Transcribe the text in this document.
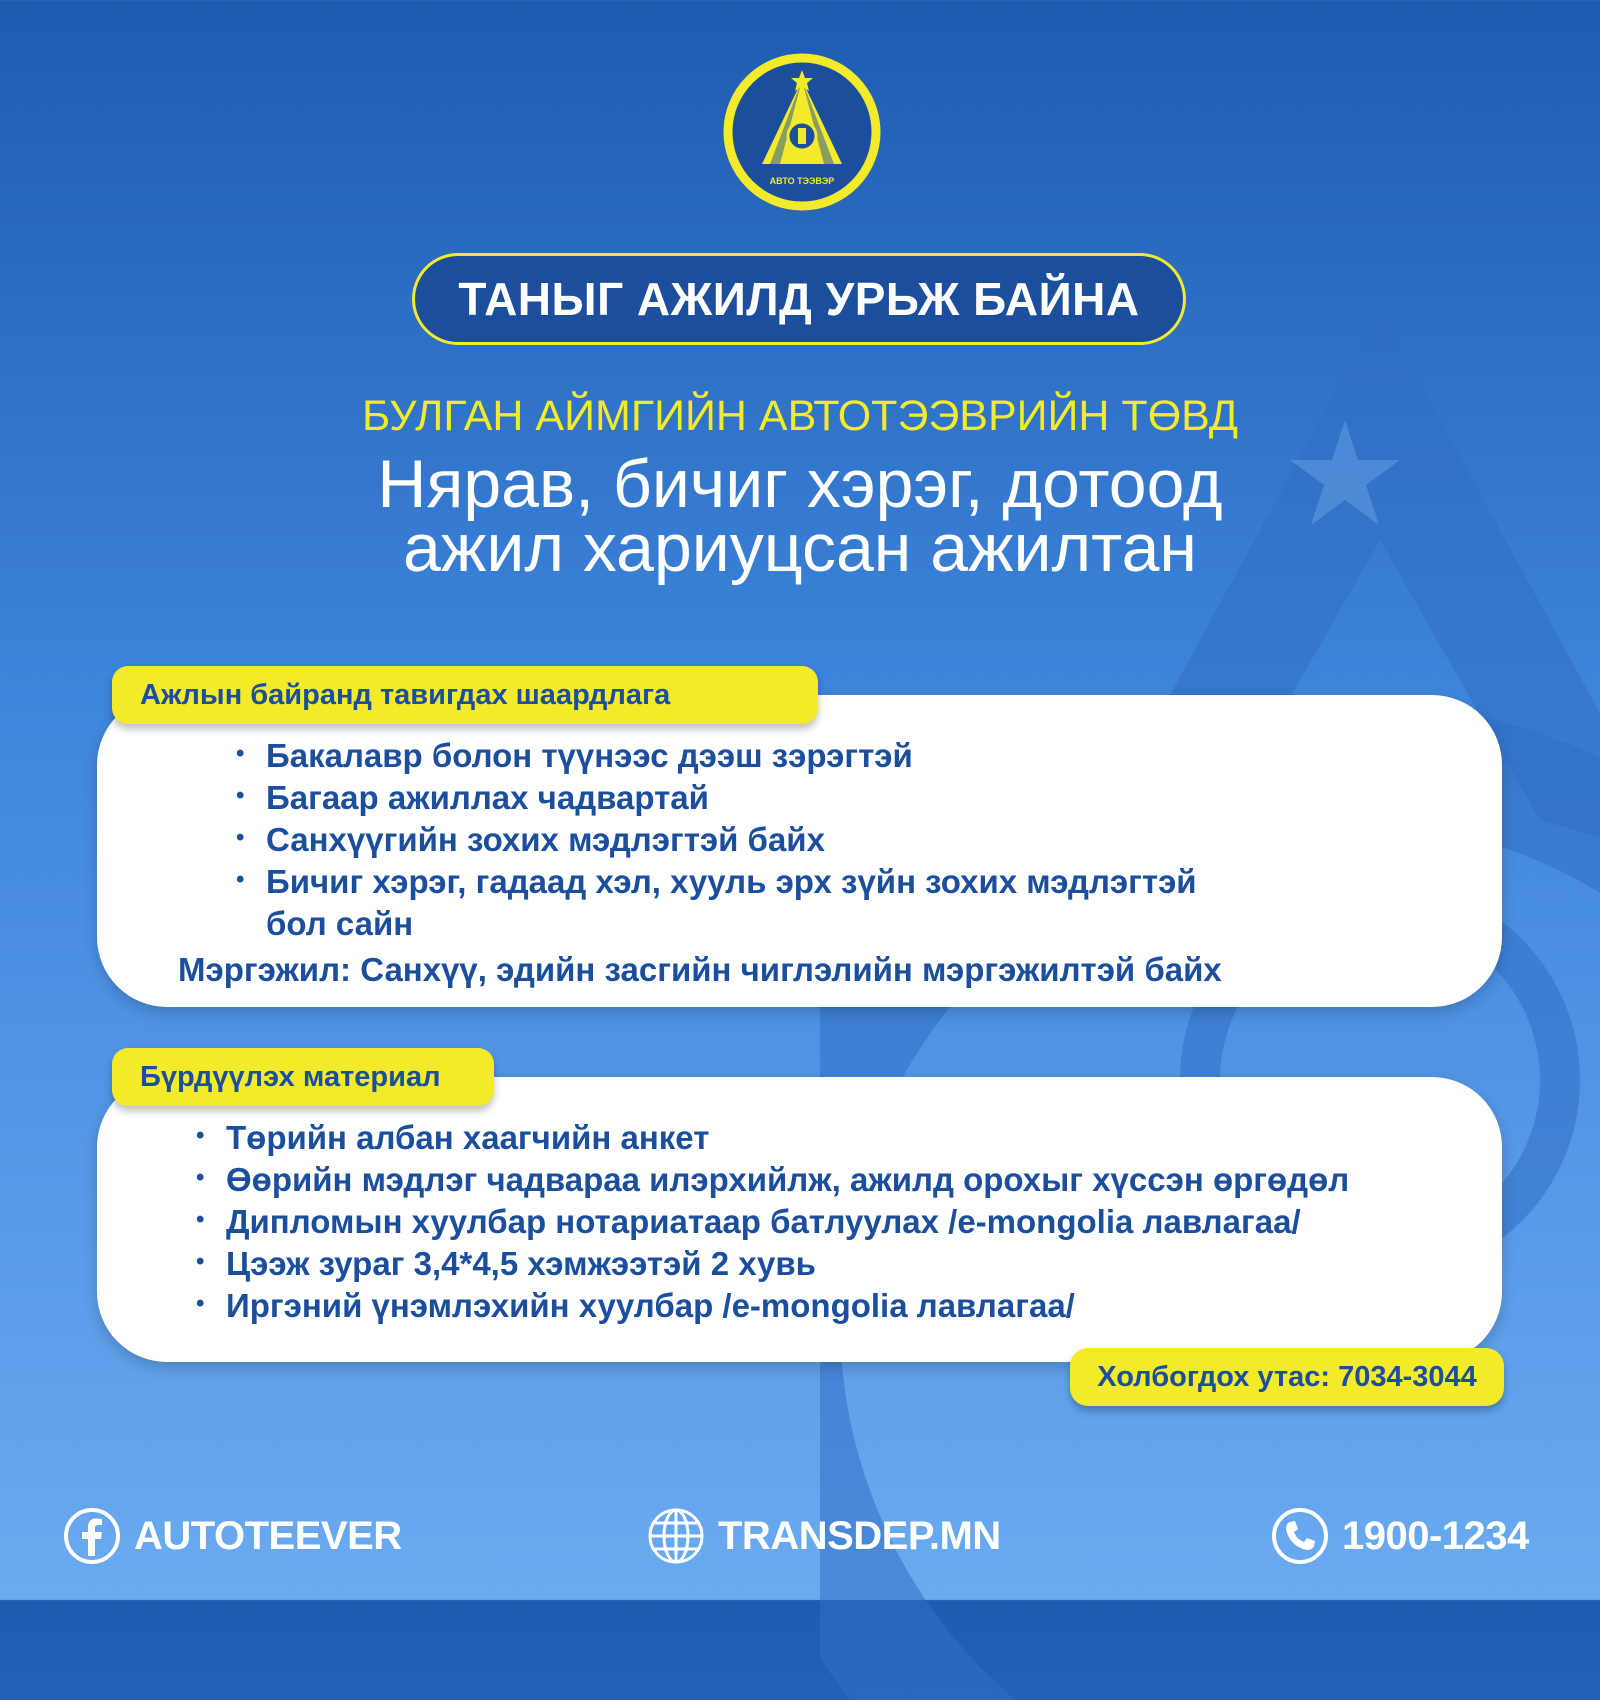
АВТО ТЭЭВЭР
ТАНЫГ АЖИЛД УРЬЖ БАЙНА
БУЛГАН АЙМГИЙН АВТОТЭЭВРИЙН ТӨВД
Нярав, бичиг хэрэг, дотоод
ажил хариуцсан ажилтан
Ажлын байранд тавигдах шаардлага
• Бакалавр болон түүнээс дээш зэрэгтэй
• Багаар ажиллах чадвартай
• Санхүүгийн зохих мэдлэгтэй байх
• Бичиг хэрэг, гадаад хэл, хууль эрх зүйн зохих мэдлэгтэй бол сайн
Мэргэжил: Санхүү, эдийн засгийн чиглэлийн мэргэжилтэй байх
Бүрдүүлэх материал
• Төрийн албан хаагчийн анкет
• Өөрийн мэдлэг чадвараа илэрхийлж, ажилд орохыг хүссэн өргөдөл
• Дипломын хуулбар нотариатаар батлуулах /e-mongolia лавлагаа/
• Цээж зураг 3,4*4,5 хэмжээтэй 2 хувь
• Иргэний үнэмлэхийн хуулбар /e-mongolia лавлагаа/
Холбогдох утас: 7034-3044
AUTOTEEVER	TRANSDEP.MN	1900-1234
